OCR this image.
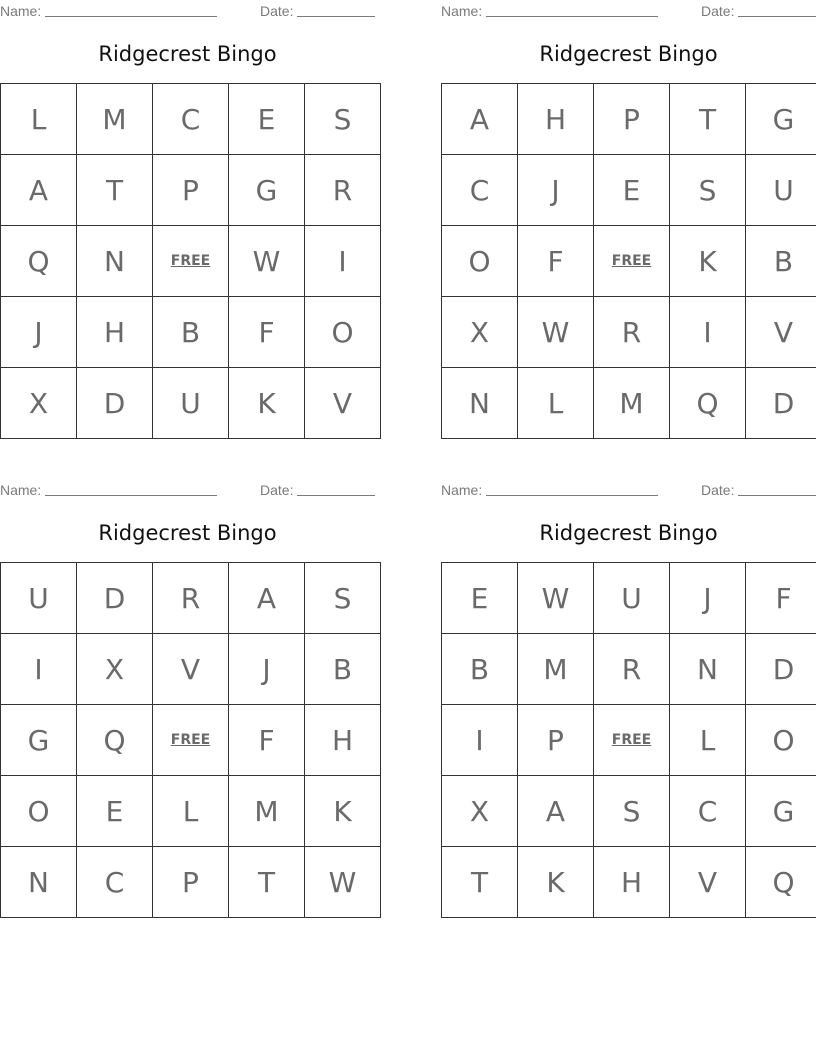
Name:	Date:
Ridgecrest Bingo
L	M	C	E	S
A	T	P	G	R
Q	N	FREE	W	I
J	H	B	F	O
X	D	U	K	V
Name:	Date:
Ridgecrest Bingo
A	H	P	T	G
C	J	E	S	U
O	F	FREE	K	B
X	W	R	I	V
N	L	M	Q	D
Name:	Date:
Ridgecrest Bingo
U	D	R	A	S
I	X	V	J	B
G	Q	FREE	F	H
O	E	L	M	K
N	C	P	T	W
Name:	Date:
Ridgecrest Bingo
E	W	U	J	F
B	M	R	N	D
I	P	FREE	L	O
X	A	S	C	G
T	K	H	V	Q
